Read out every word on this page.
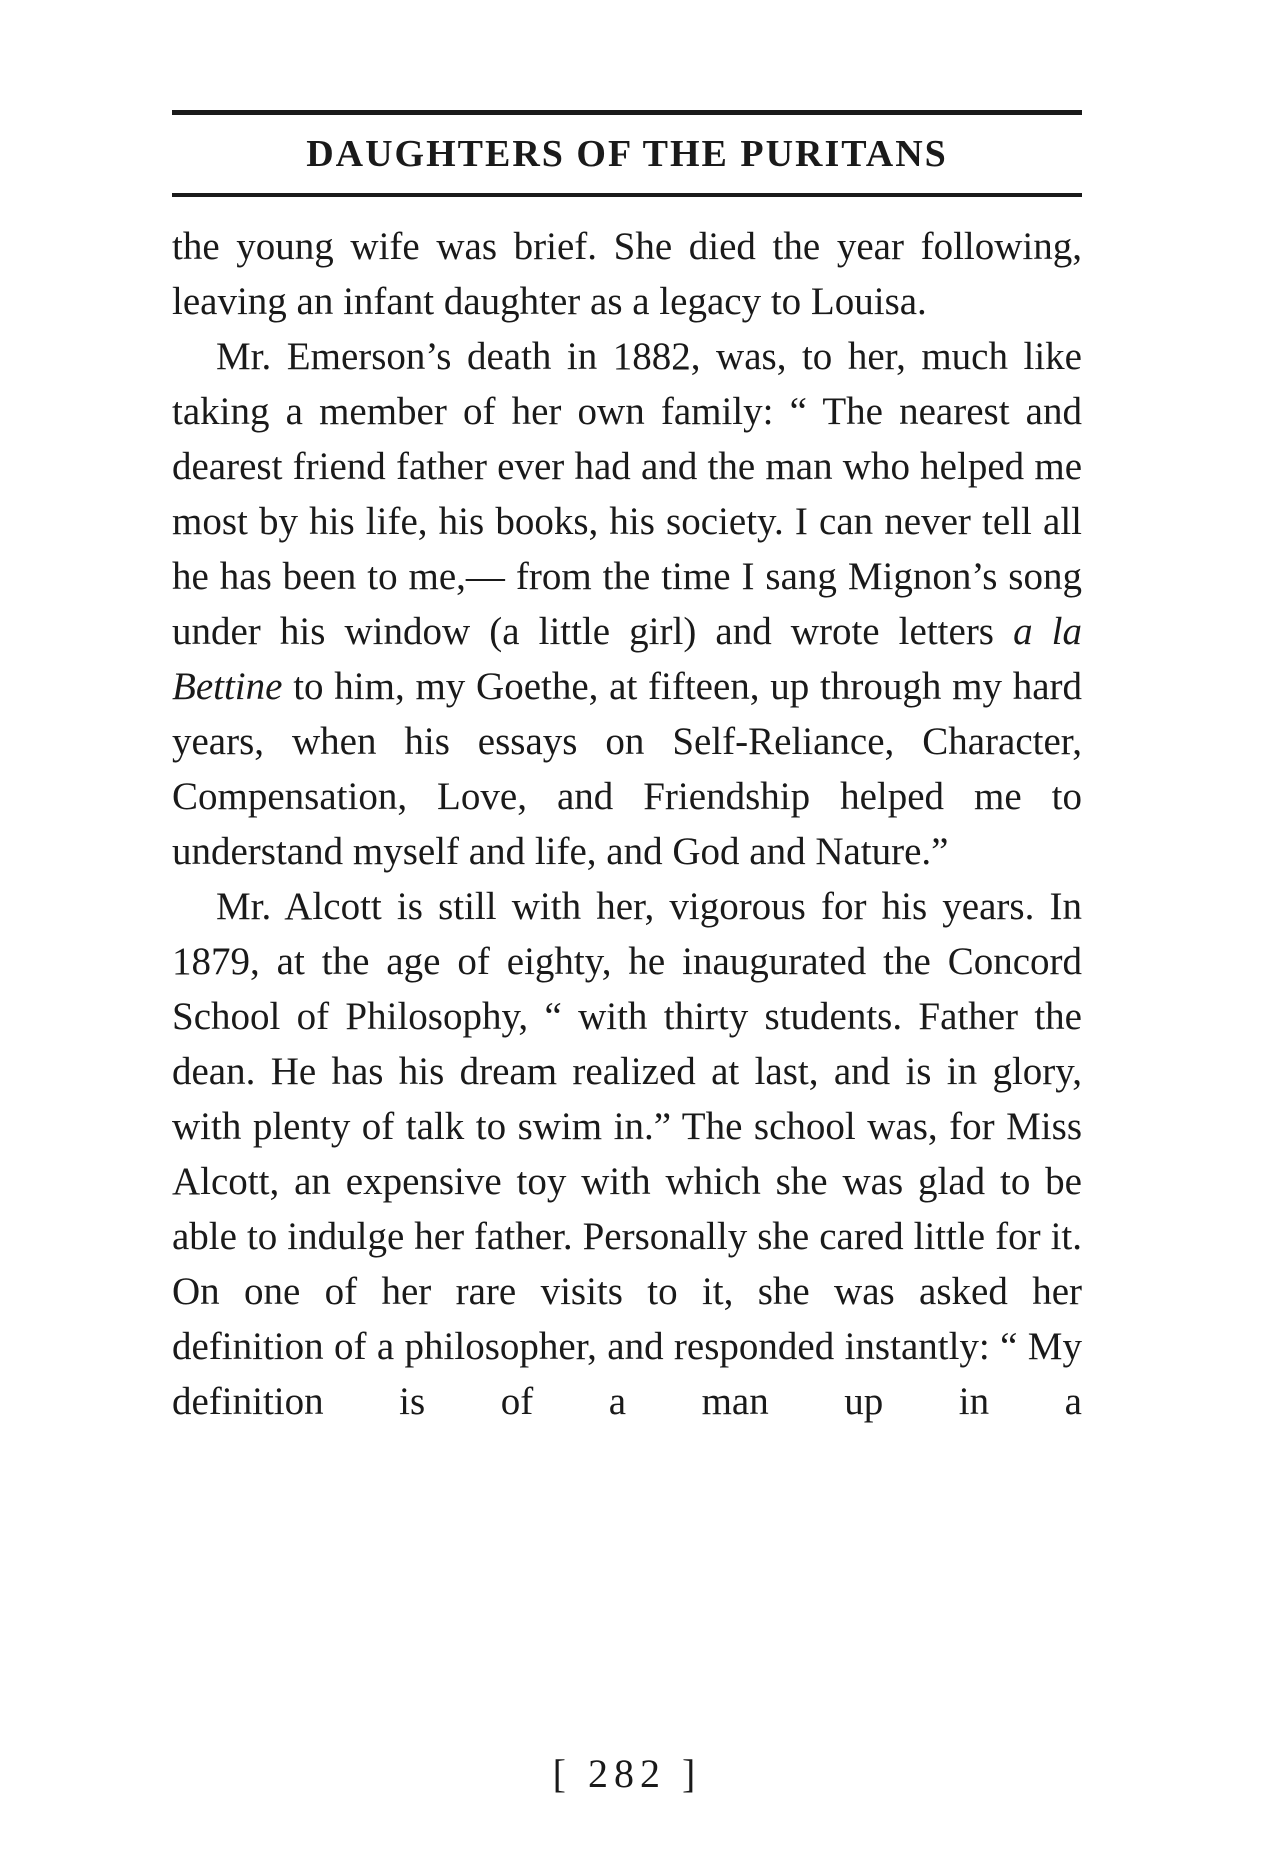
DAUGHTERS OF THE PURITANS

the young wife was brief. She died the year following, leaving an infant daughter as a legacy to Louisa.

Mr. Emerson’s death in 1882, was, to her, much like taking a member of her own family: “ The nearest and dearest friend father ever had and the man who helped me most by his life, his books, his society. I can never tell all he has been to me,— from the time I sang Mignon’s song under his window (a little girl) and wrote letters a la Bettine to him, my Goethe, at fifteen, up through my hard years, when his essays on Self-Reliance, Character, Compensation, Love, and Friendship helped me to understand myself and life, and God and Nature.”

Mr. Alcott is still with her, vigorous for his years. In 1879, at the age of eighty, he inaugurated the Concord School of Philosophy, “ with thirty students. Father the dean. He has his dream realized at last, and is in glory, with plenty of talk to swim in.” The school was, for Miss Alcott, an expensive toy with which she was glad to be able to indulge her father. Personally she cared little for it. On one of her rare visits to it, she was asked her definition of a philosopher, and responded instantly: “ My definition is of a man up in a

[ 282 ]
